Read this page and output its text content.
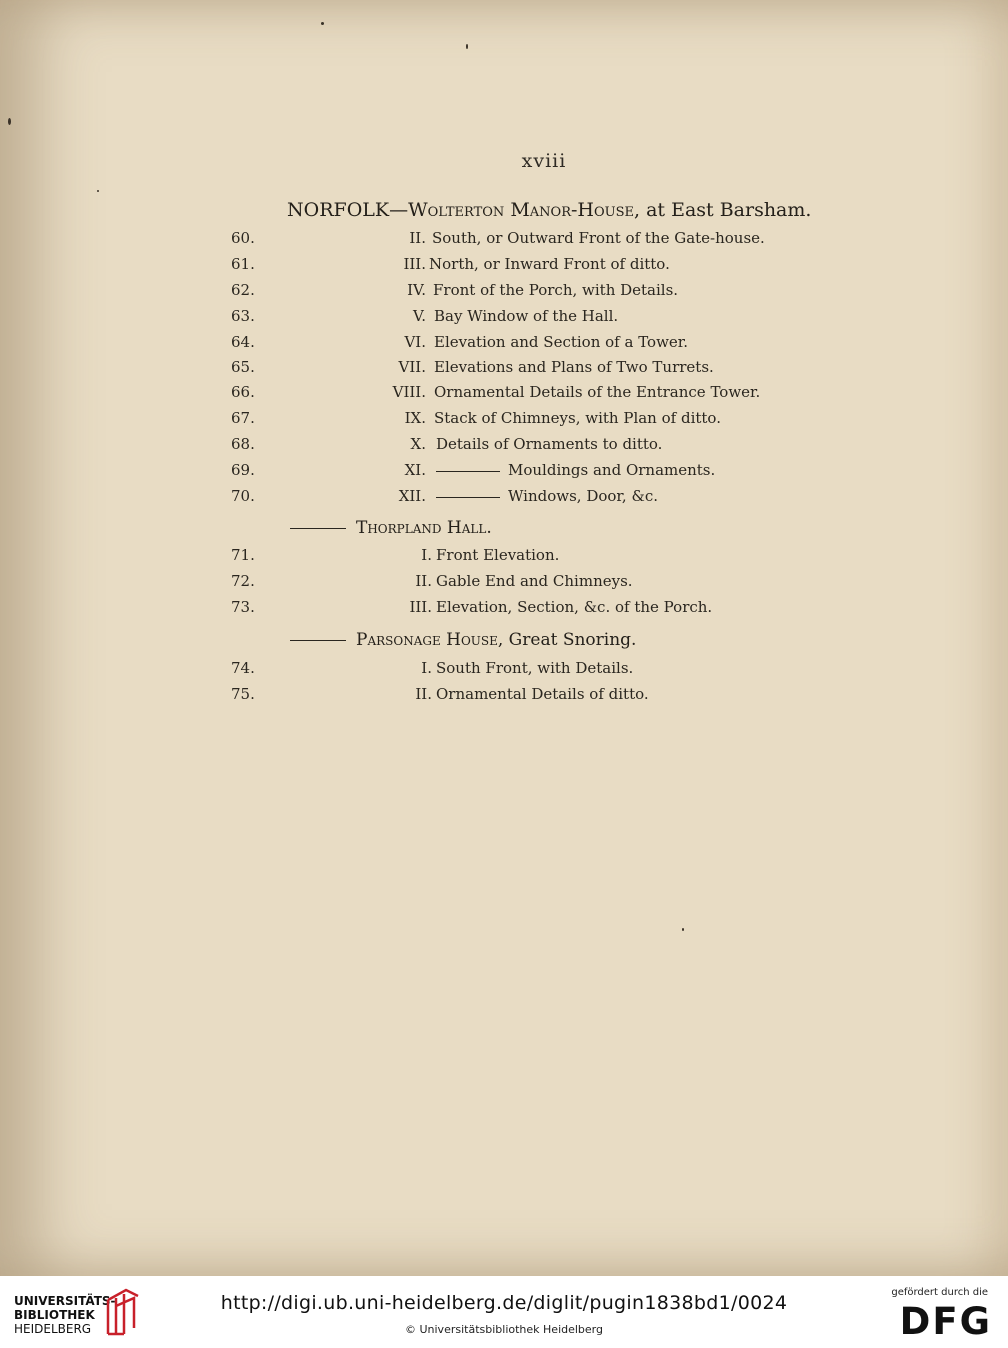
xviii
NORFOLK—Wolterton Manor-House, at East Barsham.
60.	II. South, or Outward Front of the Gate-house.
61.	III. North, or Inward Front of ditto.
62.	IV. Front of the Porch, with Details.
63.	V. Bay Window of the Hall.
64.	VI. Elevation and Section of a Tower.
65.	VII. Elevations and Plans of Two Turrets.
66.	VIII. Ornamental Details of the Entrance Tower.
67.	IX. Stack of Chimneys, with Plan of ditto.
68.	X. Details of Ornaments to ditto.
69.	XI.	Mouldings and Ornaments.
70.	XII.	Windows, Door, &c.
Thorpland Hall.
71.	I. Front Elevation.
72.	II. Gable End and Chimneys.
73.	III. Elevation, Section, &c. of the Porch.
Parsonage House, Great Snoring.
74.	I. South Front, with Details.
75.	II. Ornamental Details of ditto.
UNIVERSITÄTS-
BIBLIOTHEK
HEIDELBERG
http://digi.ub.uni-heidelberg.de/diglit/pugin1838bd1/0024
© Universitätsbibliothek Heidelberg
gefördert durch die
DFG
